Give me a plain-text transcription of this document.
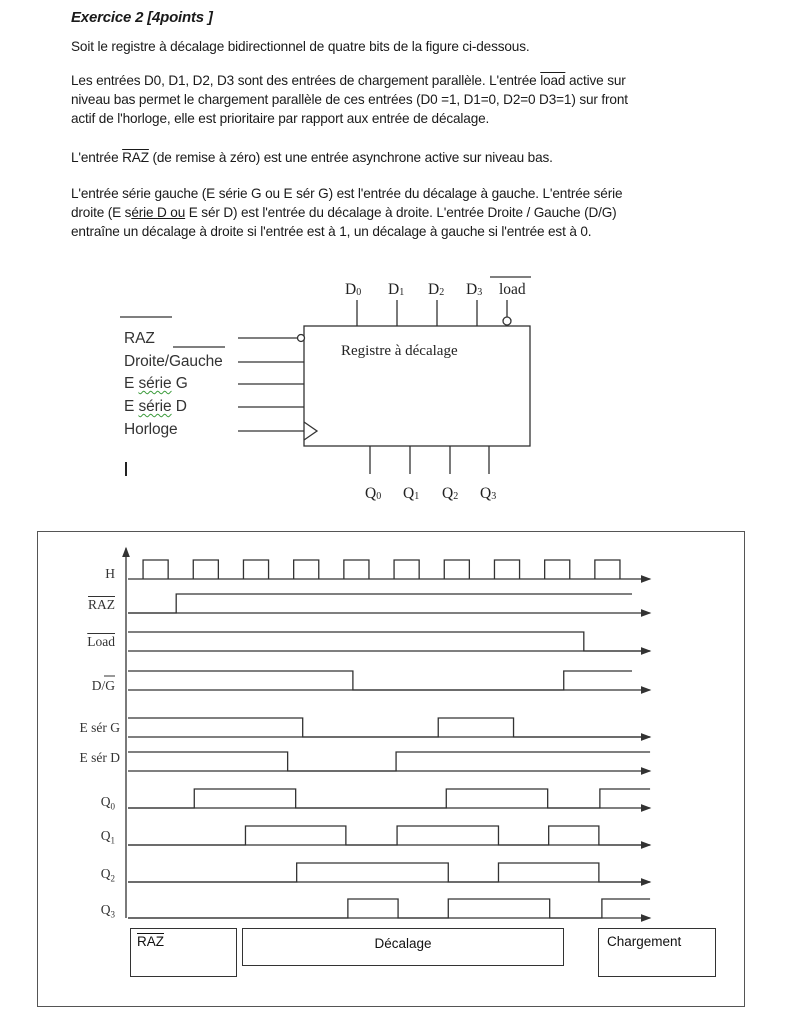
Exercice 2 [4points ]
Soit le registre à décalage bidirectionnel de quatre bits de la figure ci-dessous.
Les entrées D0, D1, D2, D3 sont des entrées de chargement parallèle. L'entrée load active sur
niveau bas permet le chargement parallèle de ces entrées (D0 =1, D1=0, D2=0 D3=1) sur front
actif de l'horloge, elle est prioritaire par rapport aux entrée de décalage.
L'entrée $\overline{RAZ}$ (de remise à zéro) est une entrée asynchrone active sur niveau bas.
L'entrée série gauche (E série G ou E sér G) est l'entrée du décalage à gauche. L'entrée série
droite (E série D ou E sér D) est l'entrée du décalage à droite. L'entrée Droite / Gauche (D/G)
entraîne un décalage à droite si l'entrée est à 1, un décalage à gauche si l'entrée est à 0.
D0 D1 D2 D3 load
Registre à décalage
Q0 Q1 Q2 Q3
RAZ
Droite/Gauche
E série G
E série D
Horloge
H
$\overline{RAZ}$
Load
D/G
E sér G
E sér D
$Q_0$
$Q_1$
$Q_2$
$Q_3$
$\overline{RAZ}$	Décalage	Chargement
